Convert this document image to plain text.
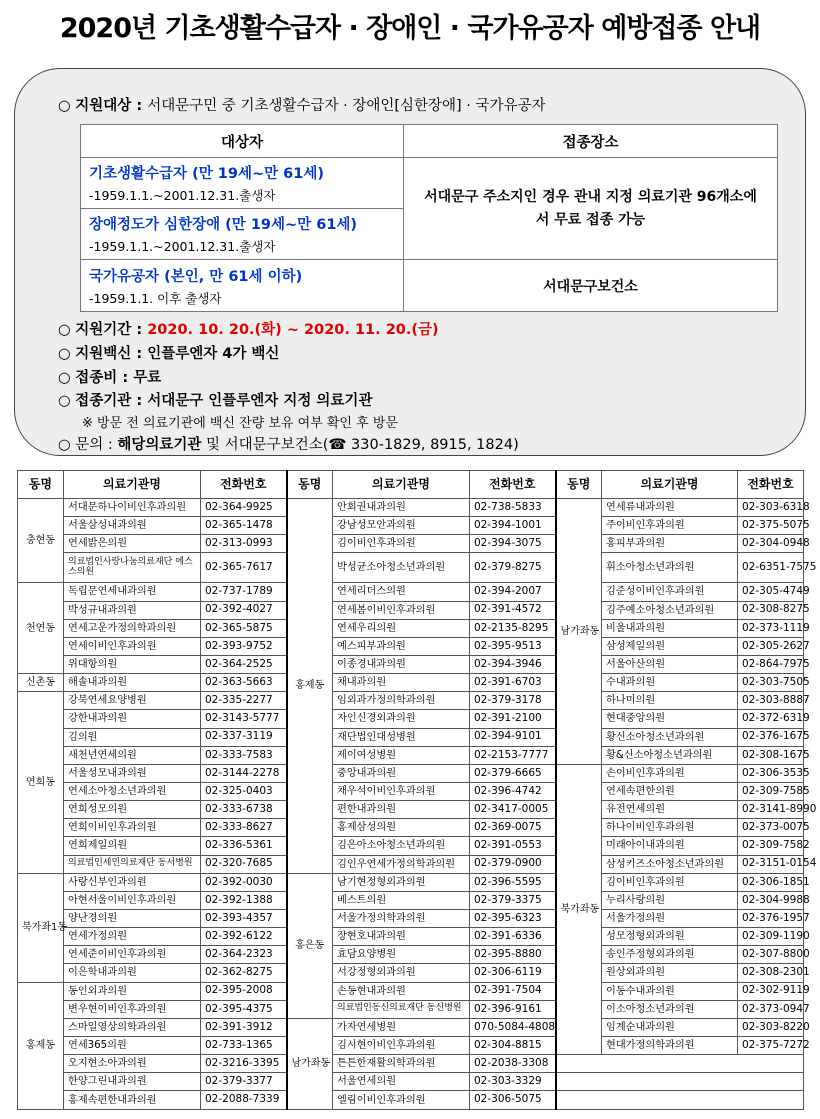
2020년 기초생활수급자 · 장애인 · 국가유공자 예방접종 안내
○ 지원대상 : 서대문구민 중 기초생활수급자 · 장애인[심한장애] · 국가유공자
대상자	접종장소

기초생활수급자 (만 19세~만 61세)
-1959.1.1.~2001.12.31.출생자	서대문구 주소지인 경우 관내 지정 의료기관 96개소에서 무료 접종 가능

장애정도가 심한장애 (만 19세~만 61세)
-1959.1.1.~2001.12.31.출생자	

국가유공자 (본인, 만 61세 이하)
-1959.1.1. 이후 출생자	서대문구보건소
○ 지원기간 : 2020. 10. 20.(화) ~ 2020. 11. 20.(금)
○ 지원백신 : 인플루엔자 4가 백신
○ 접종비 : 무료
○ 접종기관 : 서대문구 인플루엔자 지정 의료기관
※ 방문 전 의료기관에 백신 잔량 보유 여부 확인 후 방문
○ 문의 : 해당의료기관 및 서대문구보건소(☎ 330-1829, 8915, 1824)
동명	의료기관명	전화번호	동명	의료기관명	전화번호	동명	의료기관명	전화번호
충현동	서대문하나이비인후과의원	02-364-9925	홍제동	안회권내과의원	02-738-5833	남가좌동	연세류내과의원	02-303-6318
	서울삼성내과의원	02-365-1478		강남성모안과의원	02-394-1001		주이비인후과의원	02-375-5075
	연세밝은의원	02-313-0993		김이비인후과의원	02-394-3075		홍피부과의원	02-304-0948
	의료법인사랑나눔의료재단 에스스의원	02-365-7617		박성균소아청소년과의원	02-379-8275		휘소아청소년과의원	02-6351-7575
천연동	독립문연세내과의원	02-737-1789		연세리더스의원	02-394-2007		김준성이비인후과의원	02-305-4749
	박성규내과의원	02-392-4027		연세봄이비인후과의원	02-391-4572		김주예소아청소년과의원	02-308-8275
	연세고운가정의학과의원	02-365-5875		연세우리의원	02-2135-8295		비울내과의원	02-373-1119
	연세이비인후과의원	02-393-9752		예스피부과의원	02-395-9513		삼성제일의원	02-305-2627
	위대항의원	02-364-2525		이종경내과의원	02-394-3946		서울아산의원	02-864-7975
신촌동	해솔내과의원	02-363-5663		채내과의원	02-391-6703		수내과의원	02-303-7505
연희동	강북연세요양병원	02-335-2277		임외과가정의학과의원	02-379-3178		하나미의원	02-303-8887
	강한내과의원	02-3143-5777		자인신경외과의원	02-391-2100		현대중앙의원	02-372-6319
	김의원	02-337-3119		재단법인대성병원	02-394-9101		황신소아청소년과의원	02-376-1675
	새천년연세의원	02-333-7583		제이여성병원	02-2153-7777		황&신소아청소년과의원	02-308-1675
	서울성모내과의원	02-3144-2278		중앙내과의원	02-379-6665	북가좌동	손이비인후과의원	02-306-3535
	연세소아청소년과의원	02-325-0403		채우석이비인후과의원	02-396-4742		연세속편한의원	02-309-7585
	연희성모의원	02-333-6738		편한내과의원	02-3417-0005		유전연세의원	02-3141-8990
	연희이비인후과의원	02-333-8627		홍제삼성의원	02-369-0075		하나이비인후과의원	02-373-0075
	연희제일의원	02-336-5361		김은아소아청소년과의원	02-391-0553		미래아이내과의원	02-309-7582
	의료법인세민의료재단 동서병원	02-320-7685		김인우연세가정의학과의원	02-379-0900		삼성키즈소아청소년과의원	02-3151-0154
북가좌1동	사랑신부인과의원	02-392-0030	홍은동	남기현정형외과의원	02-396-5595		김이비인후과의원	02-306-1851
	아현서울이비인후과의원	02-392-1388		베스트의원	02-379-3375		누리사랑의원	02-304-9988
	양난경의원	02-393-4357		서울가정의학과의원	02-395-6323		서울가정의원	02-376-1957
	연세가정의원	02-392-6122		장현호내과의원	02-391-6336		성모정형외과의원	02-309-1190
	연세준이비인후과의원	02-364-2323		효담요양병원	02-395-8880		송인주정형외과의원	02-307-8800
	이은학내과의원	02-362-8275		서강정형외과의원	02-306-6119		원상외과의원	02-308-2301
홍제동	동인외과의원	02-395-2008		손동현내과의원	02-391-7504		이동수내과의원	02-302-9119
	변우현이비인후과의원	02-395-4375		의료법인동신의료재단 동신병원	02-396-9161		이소아청소년과의원	02-373-0947
	스마일영상의학과의원	02-391-3912	남가좌동	가자연세병원	070-5084-4808		임계순내과의원	02-303-8220
	연세365의원	02-733-1365		김시현이비인후과의원	02-304-8815		현대가정의학과의원	02-375-7272
	오지현소아과의원	02-3216-3395		튼튼한재활의학과의원	02-2038-3308			
	한양그린내과의원	02-379-3377		서울연세의원	02-303-3329			
	홍제속편한내과의원	02-2088-7339		엘림이비인후과의원	02-306-5075			
